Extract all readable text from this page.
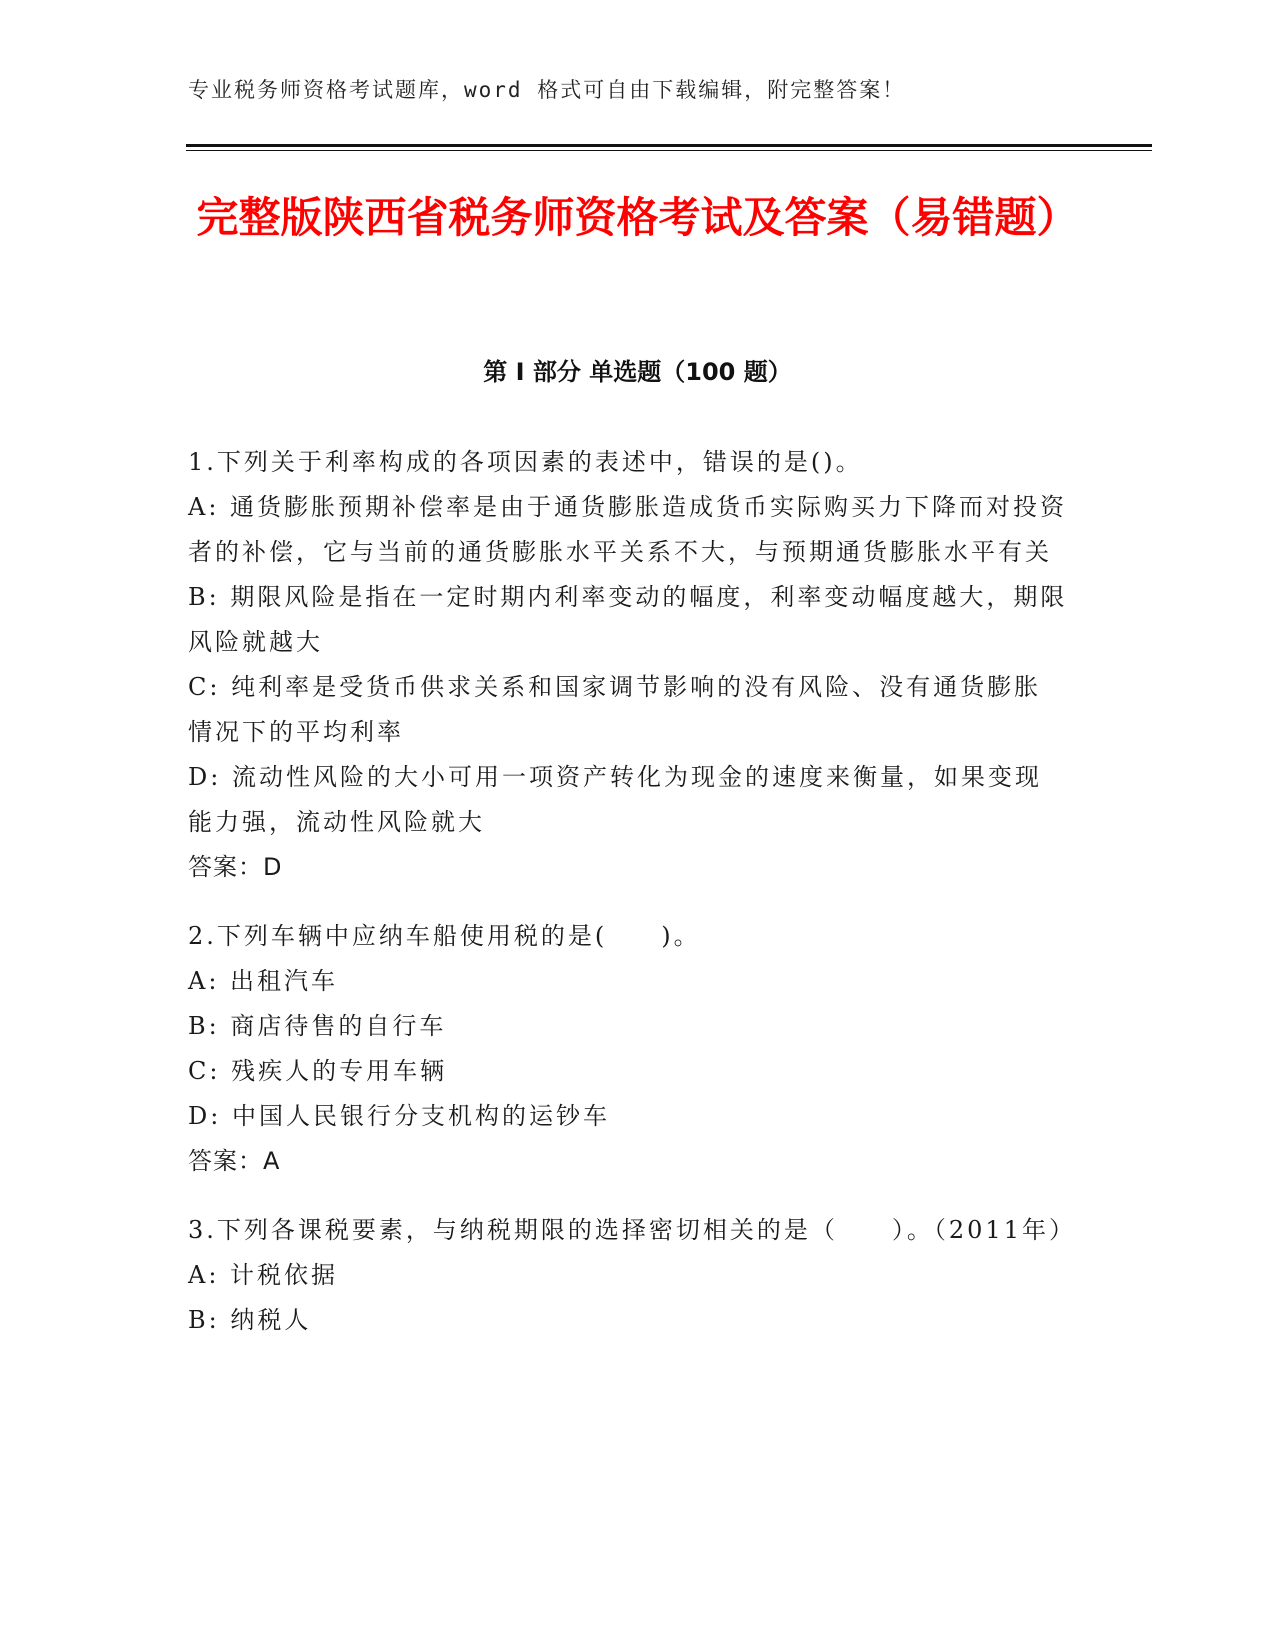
专业税务师资格考试题库，word 格式可自由下载编辑，附完整答案！
完整版陕西省税务师资格考试及答案（易错题）
第 I 部分 单选题（100 题）
1.下列关于利率构成的各项因素的表述中，错误的是()。
A: 通货膨胀预期补偿率是由于通货膨胀造成货币实际购买力下降而对投资者的补偿，它与当前的通货膨胀水平关系不大，与预期通货膨胀水平有关
B: 期限风险是指在一定时期内利率变动的幅度，利率变动幅度越大，期限风险就越大
C: 纯利率是受货币供求关系和国家调节影响的没有风险、没有通货膨胀情况下的平均利率
D: 流动性风险的大小可用一项资产转化为现金的速度来衡量，如果变现能力强，流动性风险就大
答案：D
2.下列车辆中应纳车船使用税的是(　　)。
A: 出租汽车
B: 商店待售的自行车
C: 残疾人的专用车辆
D: 中国人民银行分支机构的运钞车
答案：A
3.下列各课税要素，与纳税期限的选择密切相关的是（　　）。（2011年）
A: 计税依据
B: 纳税人
